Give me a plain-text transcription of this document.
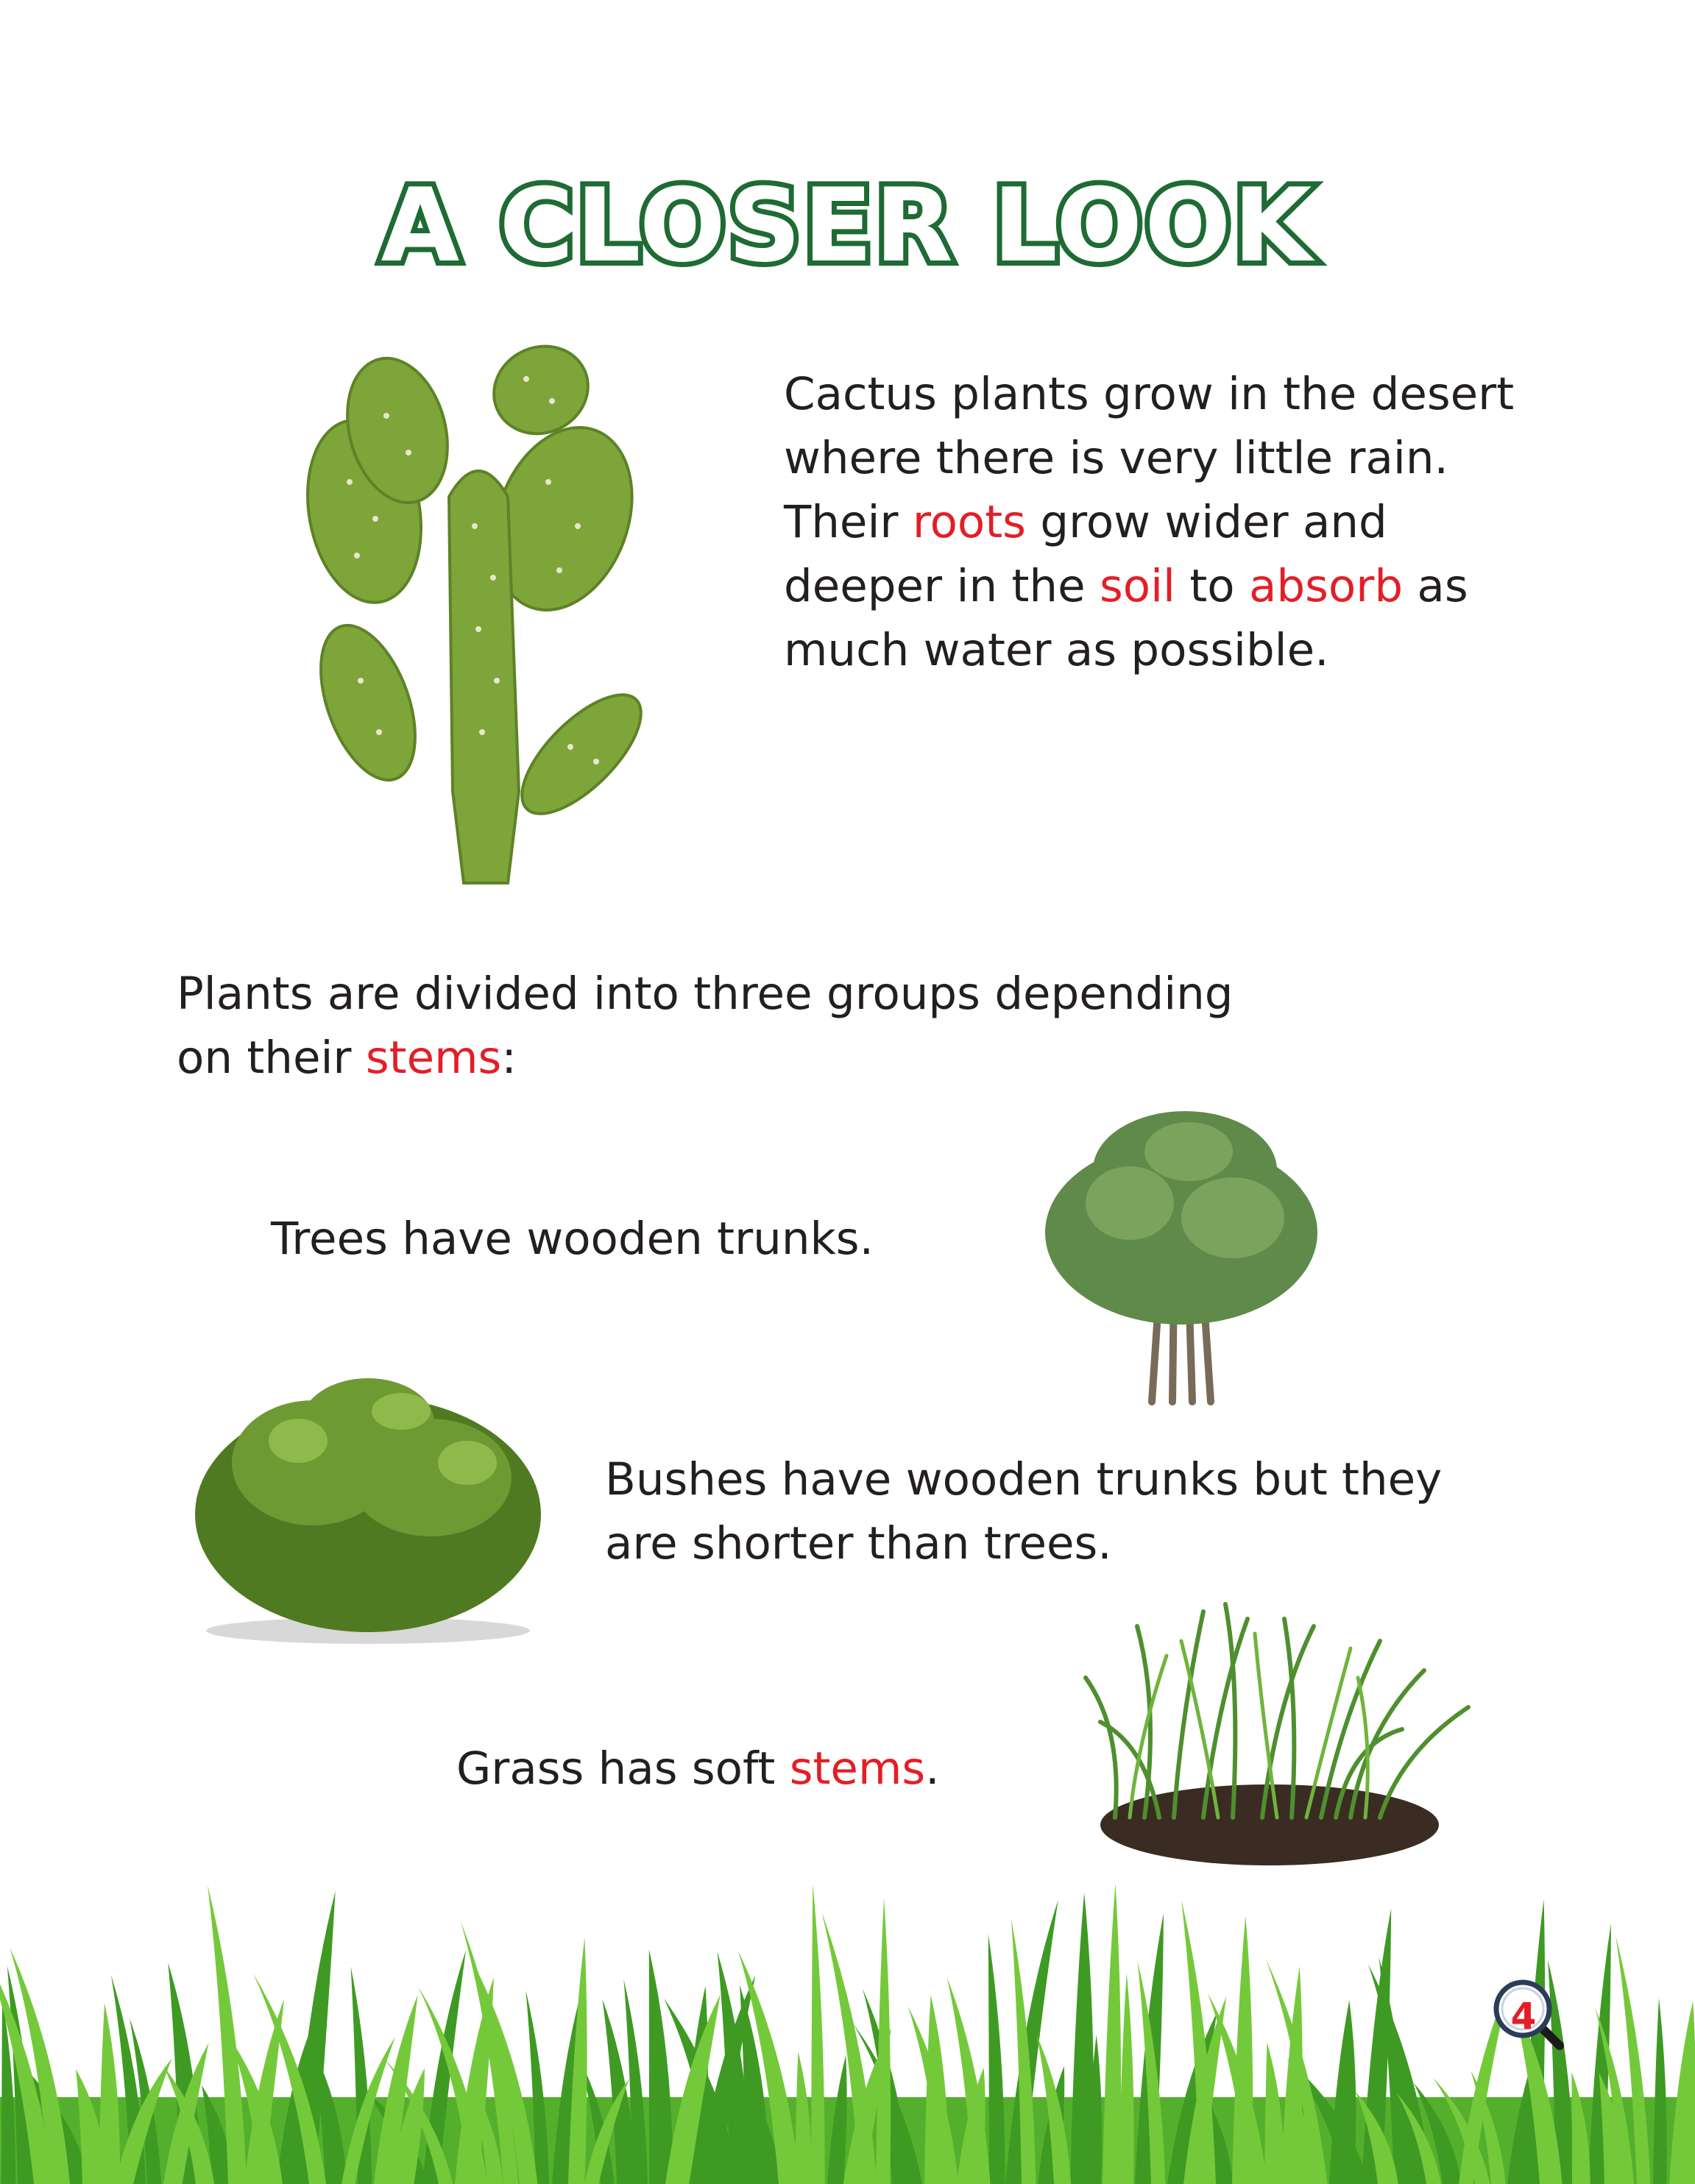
A CLOSER LOOK

Cactus plants grow in the desert
where there is very little rain.
Their roots grow wider and
deeper in the soil to absorb as
much water as possible.

Plants are divided into three groups depending
on their stems:

Trees have wooden trunks.

Bushes have wooden trunks but they
are shorter than trees.

Grass has soft stems.

4
